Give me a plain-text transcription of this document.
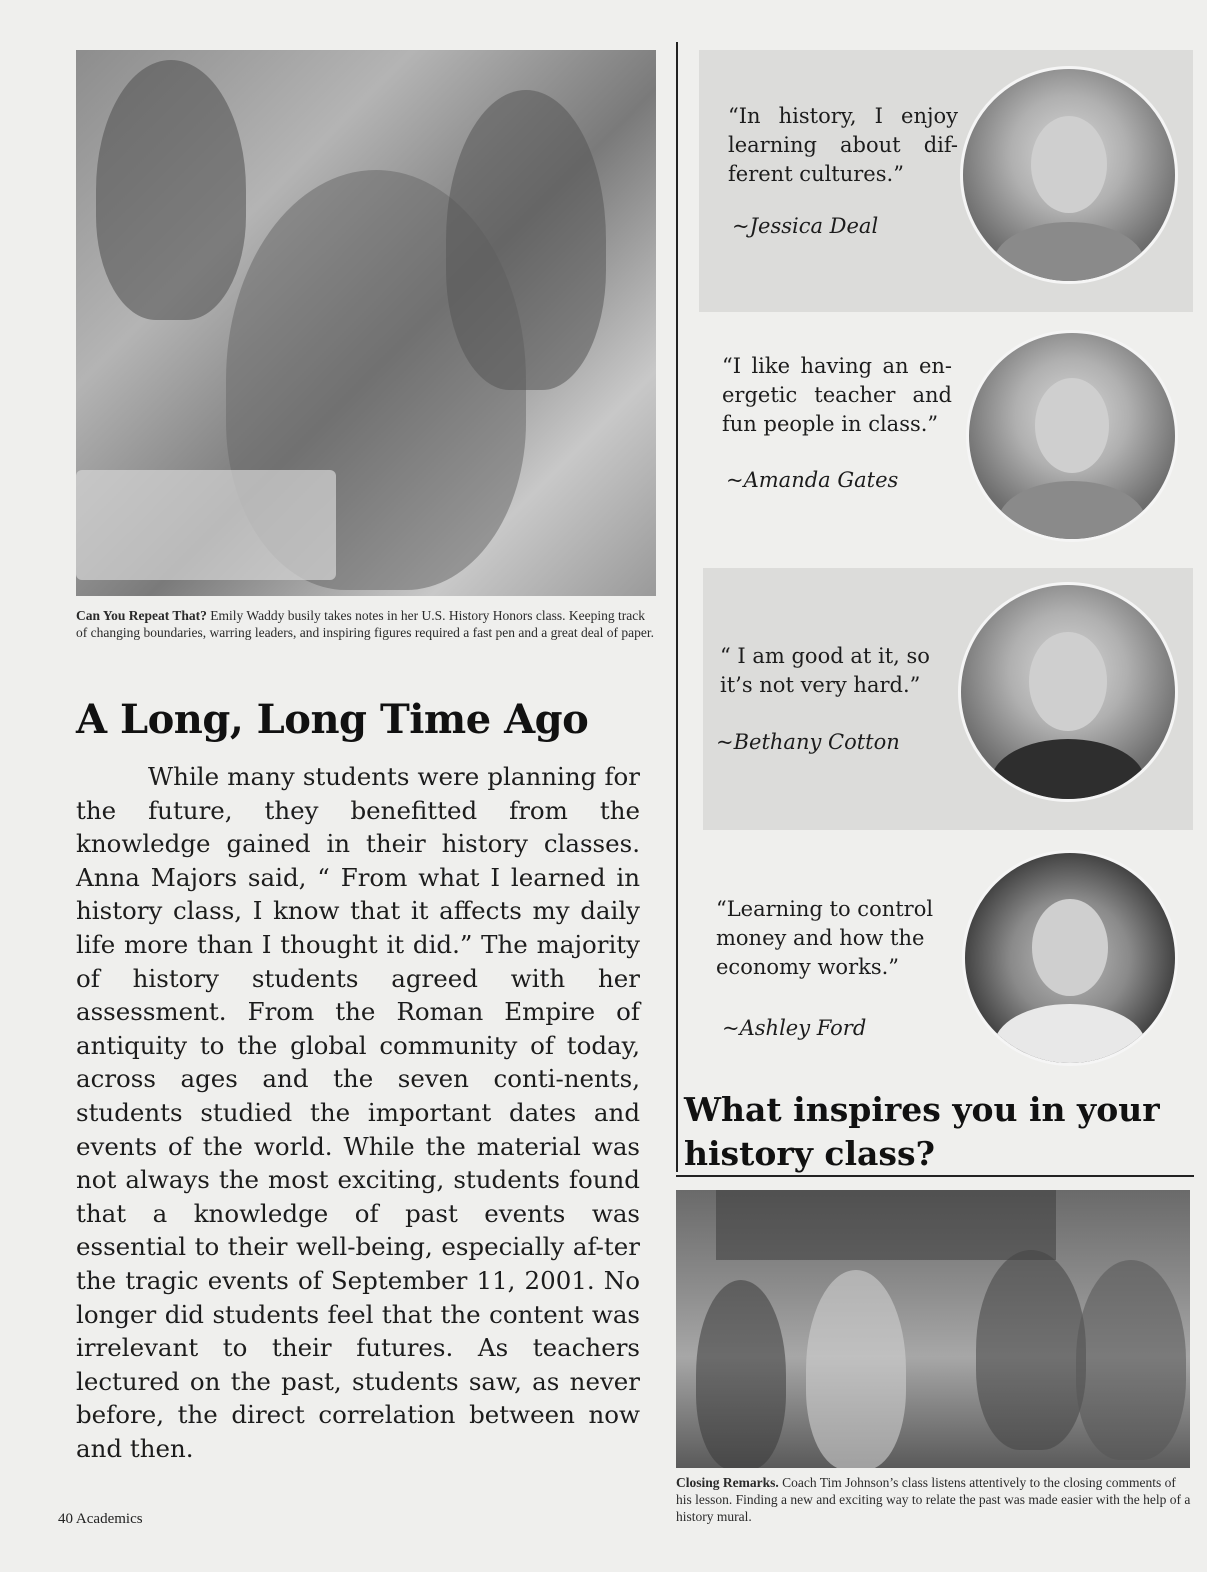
Can You Repeat That? Emily Waddy busily takes notes in her U.S. History Honors class. Keeping track of changing boundaries, warring leaders, and inspiring figures required a fast pen and a great deal of paper.

A Long, Long Time Ago

While many students were planning for the future, they benefitted from the knowledge gained in their history classes. Anna Majors said, “ From what I learned in history class, I know that it affects my daily life more than I thought it did.” The majority of history students agreed with her assessment. From the Roman Empire of antiquity to the global community of today, across ages and the seven conti-nents, students studied the important dates and events of the world. While the material was not always the most exciting, students found that a knowledge of past events was essential to their well-being, especially af-ter the tragic events of September 11, 2001. No longer did students feel that the content was irrelevant to their futures. As teachers lectured on the past, students saw, as never before, the direct correlation between now and then.

“In history, I enjoy learning about dif-ferent cultures.”

~Jessica Deal

“I like having an en-ergetic teacher and fun people in class.”

~Amanda Gates

“ I am good at it, so it’s not very hard.”

~Bethany Cotton

“Learning to control money and how the economy works.”

~Ashley Ford

What inspires you in your history class?

Closing Remarks. Coach Tim Johnson’s class listens attentively to the closing comments of his lesson. Finding a new and exciting way to relate the past was made easier with the help of a history mural.

40 Academics
